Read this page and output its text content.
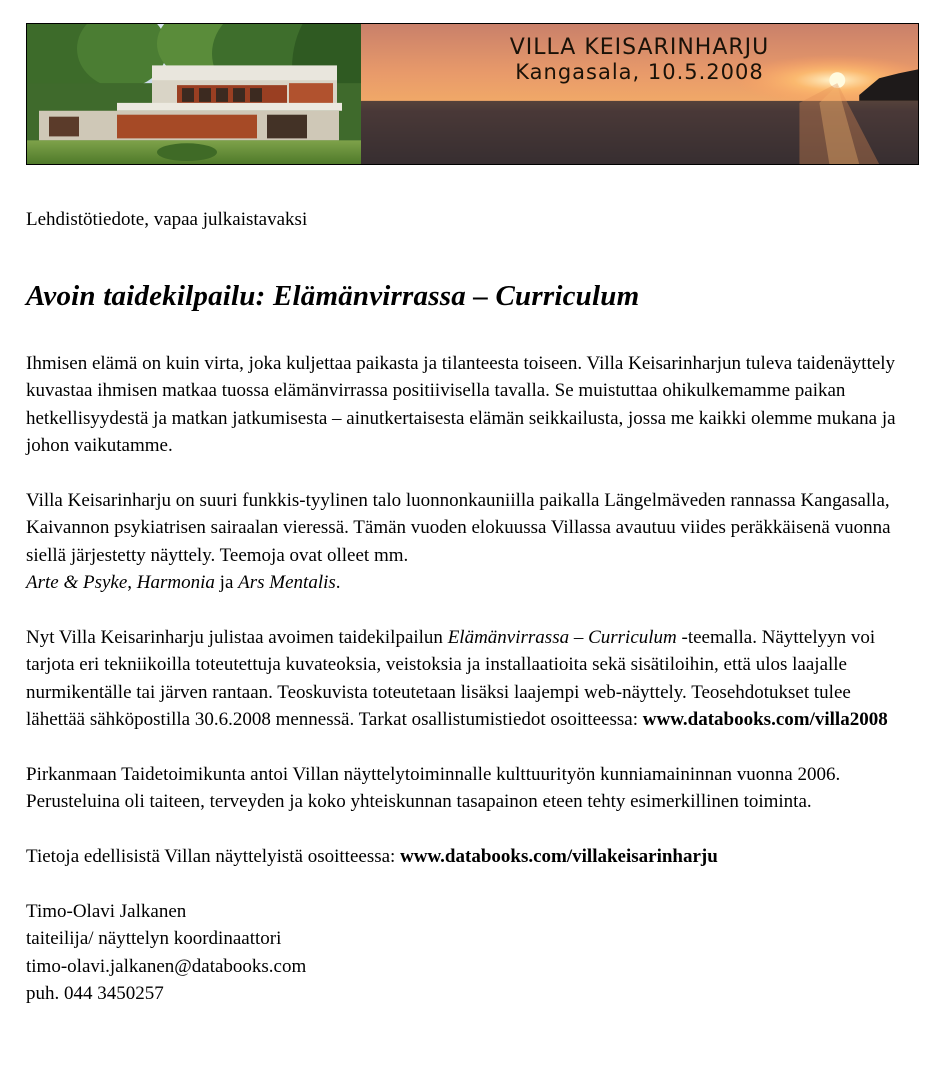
VILLA KEISARINHARJU
Kangasala, 10.5.2008
Lehdistötiedote, vapaa julkaistavaksi
Avoin taidekilpailu: Elämänvirrassa – Curriculum

Ihmisen elämä on kuin virta, joka kuljettaa paikasta ja tilanteesta toiseen. Villa Keisarinharjun tuleva taidenäyttely kuvastaa ihmisen matkaa tuossa elämänvirrassa positiivisella tavalla. Se muistuttaa ohikulkemamme paikan hetkellisyydestä ja matkan jatkumisesta – ainutkertaisesta elämän seikkailusta, jossa me kaikki olemme mukana ja johon vaikutamme.

Villa Keisarinharju on suuri funkkis-tyylinen talo luonnonkauniilla paikalla Längelmäveden rannassa Kangasalla, Kaivannon psykiatrisen sairaalan vieressä. Tämän vuoden elokuussa Villassa avautuu viides peräkkäisenä vuonna siellä järjestetty näyttely. Teemoja ovat olleet mm.
Arte & Psyke, Harmonia ja Ars Mentalis.

Nyt Villa Keisarinharju julistaa avoimen taidekilpailun Elämänvirrassa – Curriculum -teemalla. Näyttelyyn voi tarjota eri tekniikoilla toteutettuja kuvateoksia, veistoksia ja installaatioita sekä sisätiloihin, että ulos laajalle nurmikentälle tai järven rantaan. Teoskuvista toteutetaan lisäksi laajempi web-näyttely. Teosehdotukset tulee lähettää sähköpostilla 30.6.2008 mennessä. Tarkat osallistumistiedot osoitteessa: www.databooks.com/villa2008

Pirkanmaan Taidetoimikunta antoi Villan näyttelytoiminnalle kulttuurityön kunniamaininnan vuonna 2006. Perusteluina oli taiteen, terveyden ja koko yhteiskunnan tasapainon eteen tehty esimerkillinen toiminta.

Tietoja edellisistä Villan näyttelyistä osoitteessa: www.databooks.com/villakeisarinharju

Timo-Olavi Jalkanen

taiteilija/ näyttelyn koordinaattori

timo-olavi.jalkanen@databooks.com

puh. 044 3450257
